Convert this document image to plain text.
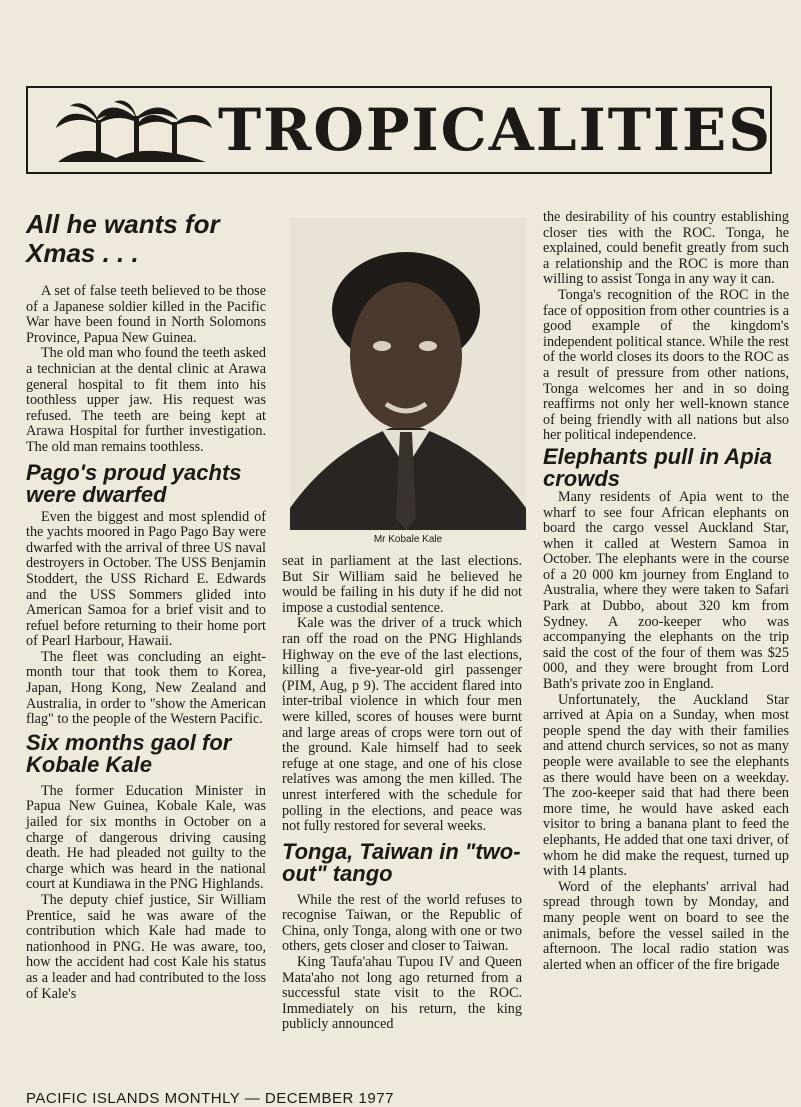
TROPICALITIES
All he wants for Xmas . . .

A set of false teeth believed to be those of a Japanese soldier killed in the Pacific War have been found in North Solomons Province, Papua New Guinea.

The old man who found the teeth asked a technician at the dental clinic at Arawa general hospital to fit them into his toothless upper jaw. His request was refused. The teeth are being kept at Arawa Hospital for further investigation. The old man remains toothless.

Pago's proud yachts were dwarfed

Even the biggest and most splendid of the yachts moored in Pago Pago Bay were dwarfed with the arrival of three US naval destroyers in October. The USS Benjamin Stoddert, the USS Richard E. Edwards and the USS Sommers glided into American Samoa for a brief visit and to refuel before returning to their home port of Pearl Harbour, Hawaii.

The fleet was concluding an eight-month tour that took them to Korea, Japan, Hong Kong, New Zealand and Australia, in order to "show the American flag" to the people of the Western Pacific.

Six months gaol for Kobale Kale

The former Education Minister in Papua New Guinea, Kobale Kale, was jailed for six months in October on a charge of dangerous driving causing death. He had pleaded not guilty to the charge which was heard in the national court at Kundiawa in the PNG Highlands.

The deputy chief justice, Sir William Prentice, said he was aware of the contribution which Kale had made to nationhood in PNG. He was aware, too, how the accident had cost Kale his status as a leader and had contributed to the loss of Kale's

Mr Kobale Kale

seat in parliament at the last elections. But Sir William said he believed he would be failing in his duty if he did not impose a custodial sentence.

Kale was the driver of a truck which ran off the road on the PNG Highlands Highway on the eve of the last elections, killing a five-year-old girl passenger (PIM, Aug, p 9). The accident flared into inter-tribal violence in which four men were killed, scores of houses were burnt and large areas of crops were torn out of the ground. Kale himself had to seek refuge at one stage, and one of his close relatives was among the men killed. The unrest interfered with the schedule for polling in the elections, and peace was not fully restored for several weeks.

Tonga, Taiwan in "two-out" tango

While the rest of the world refuses to recognise Taiwan, or the Republic of China, only Tonga, along with one or two others, gets closer and closer to Taiwan.

King Taufa'ahau Tupou IV and Queen Mata'aho not long ago returned from a successful state visit to the ROC. Immediately on his return, the king publicly announced

the desirability of his country establishing closer ties with the ROC. Tonga, he explained, could benefit greatly from such a relationship and the ROC is more than willing to assist Tonga in any way it can.

Tonga's recognition of the ROC in the face of opposition from other countries is a good example of the kingdom's independent political stance. While the rest of the world closes its doors to the ROC as a result of pressure from other nations, Tonga welcomes her and in so doing reaffirms not only her well-known stance of being friendly with all nations but also her political independence.

Elephants pull in Apia crowds

Many residents of Apia went to the wharf to see four African elephants on board the cargo vessel Auckland Star, when it called at Western Samoa in October. The elephants were in the course of a 20 000 km journey from England to Australia, where they were taken to Safari Park at Dubbo, about 320 km from Sydney. A zoo-keeper who was accompanying the elephants on the trip said the cost of the four of them was $25 000, and they were brought from Lord Bath's private zoo in England.

Unfortunately, the Auckland Star arrived at Apia on a Sunday, when most people spend the day with their families and attend church services, so not as many people were available to see the elephants as there would have been on a weekday. The zoo-keeper said that had there been more time, he would have asked each visitor to bring a banana plant to feed the elephants, He added that one taxi driver, of whom he did make the request, turned up with 14 plants.

Word of the elephants' arrival had spread through town by Monday, and many people went on board to see the animals, before the vessel sailed in the afternoon. The local radio station was alerted when an officer of the fire brigade

PACIFIC ISLANDS MONTHLY — DECEMBER 1977
